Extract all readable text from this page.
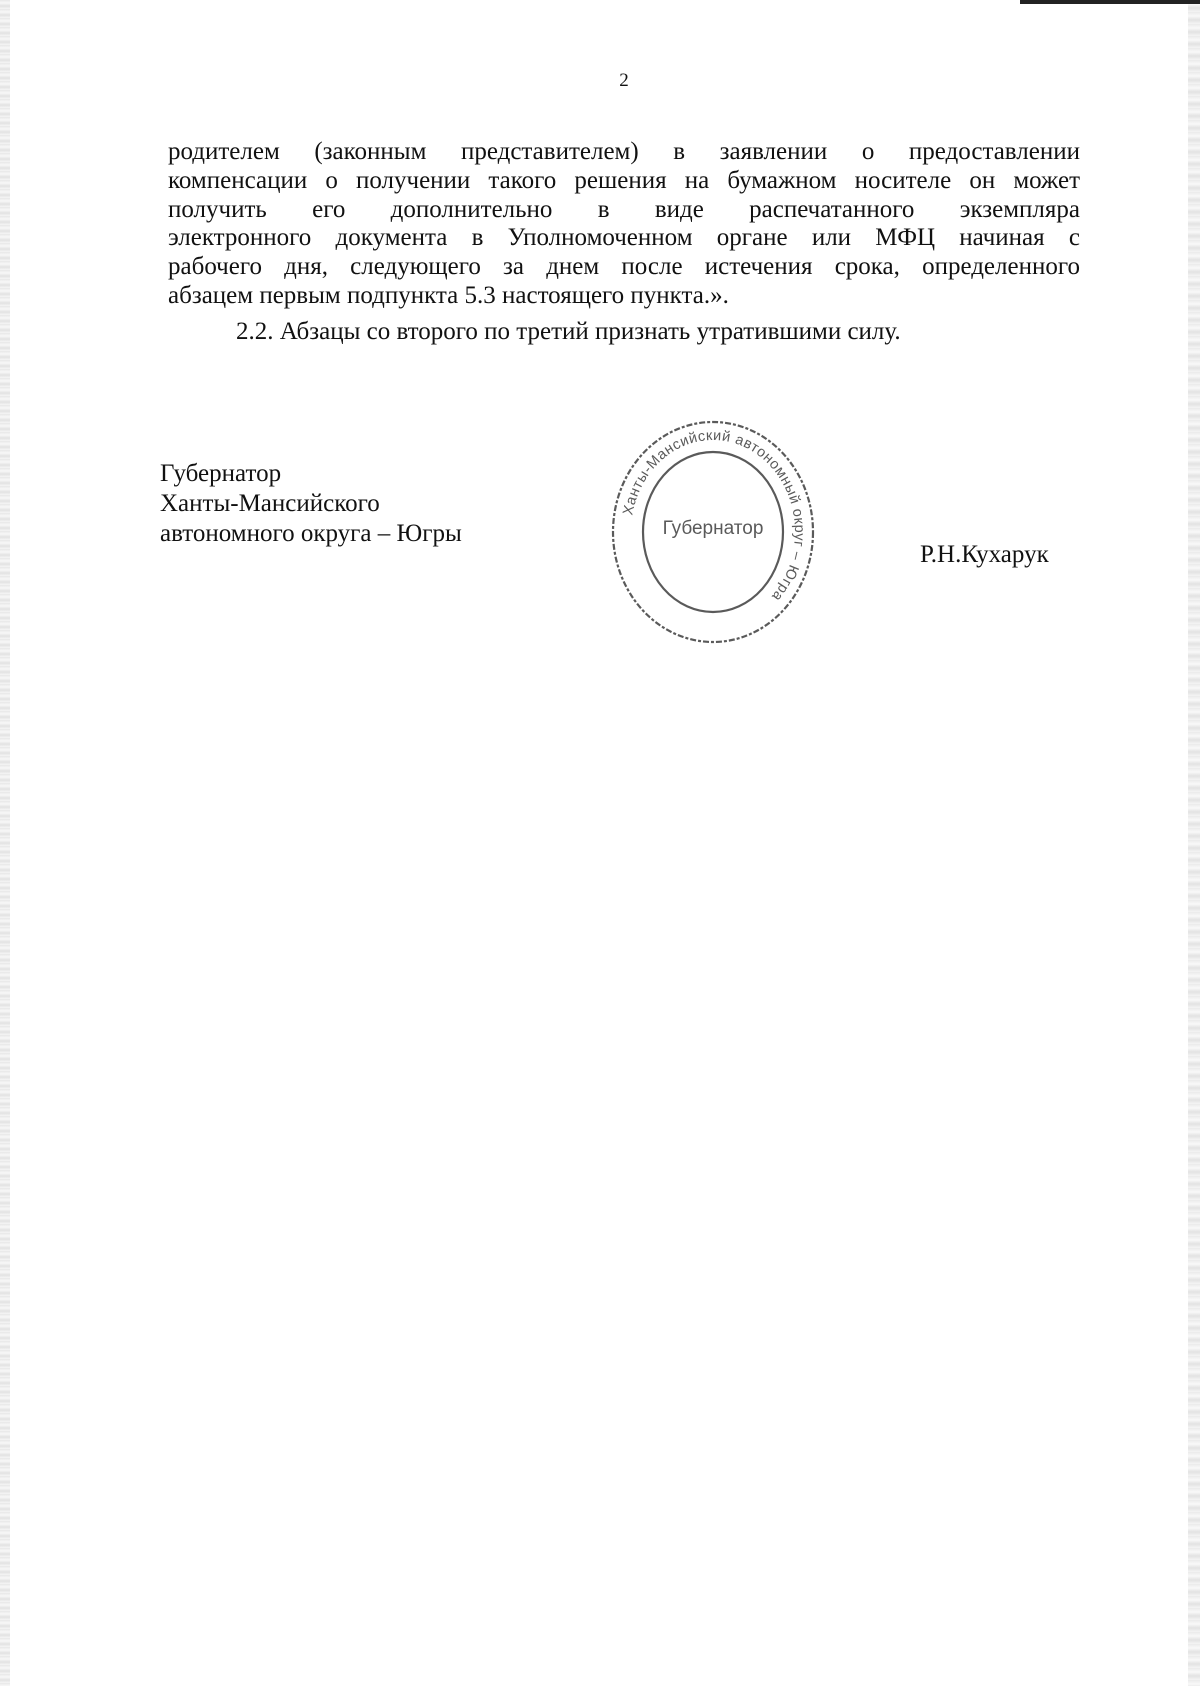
2
родителем (законным представителем) в заявлении о предоставлении
компенсации о получении такого решения на бумажном носителе он может
получить его дополнительно в виде распечатанного экземпляра
электронного документа в Уполномоченном органе или МФЦ начиная с
рабочего дня, следующего за днем после истечения срока, определенного
абзацем первым подпункта 5.3 настоящего пункта.».
2.2. Абзацы со второго по третий признать утратившими силу.
Губернатор
Ханты-Мансийского
автономного округа – Югры
Ханты-Мансийский автономный округ – Югра
Губернатор
Р.Н.Кухарук
